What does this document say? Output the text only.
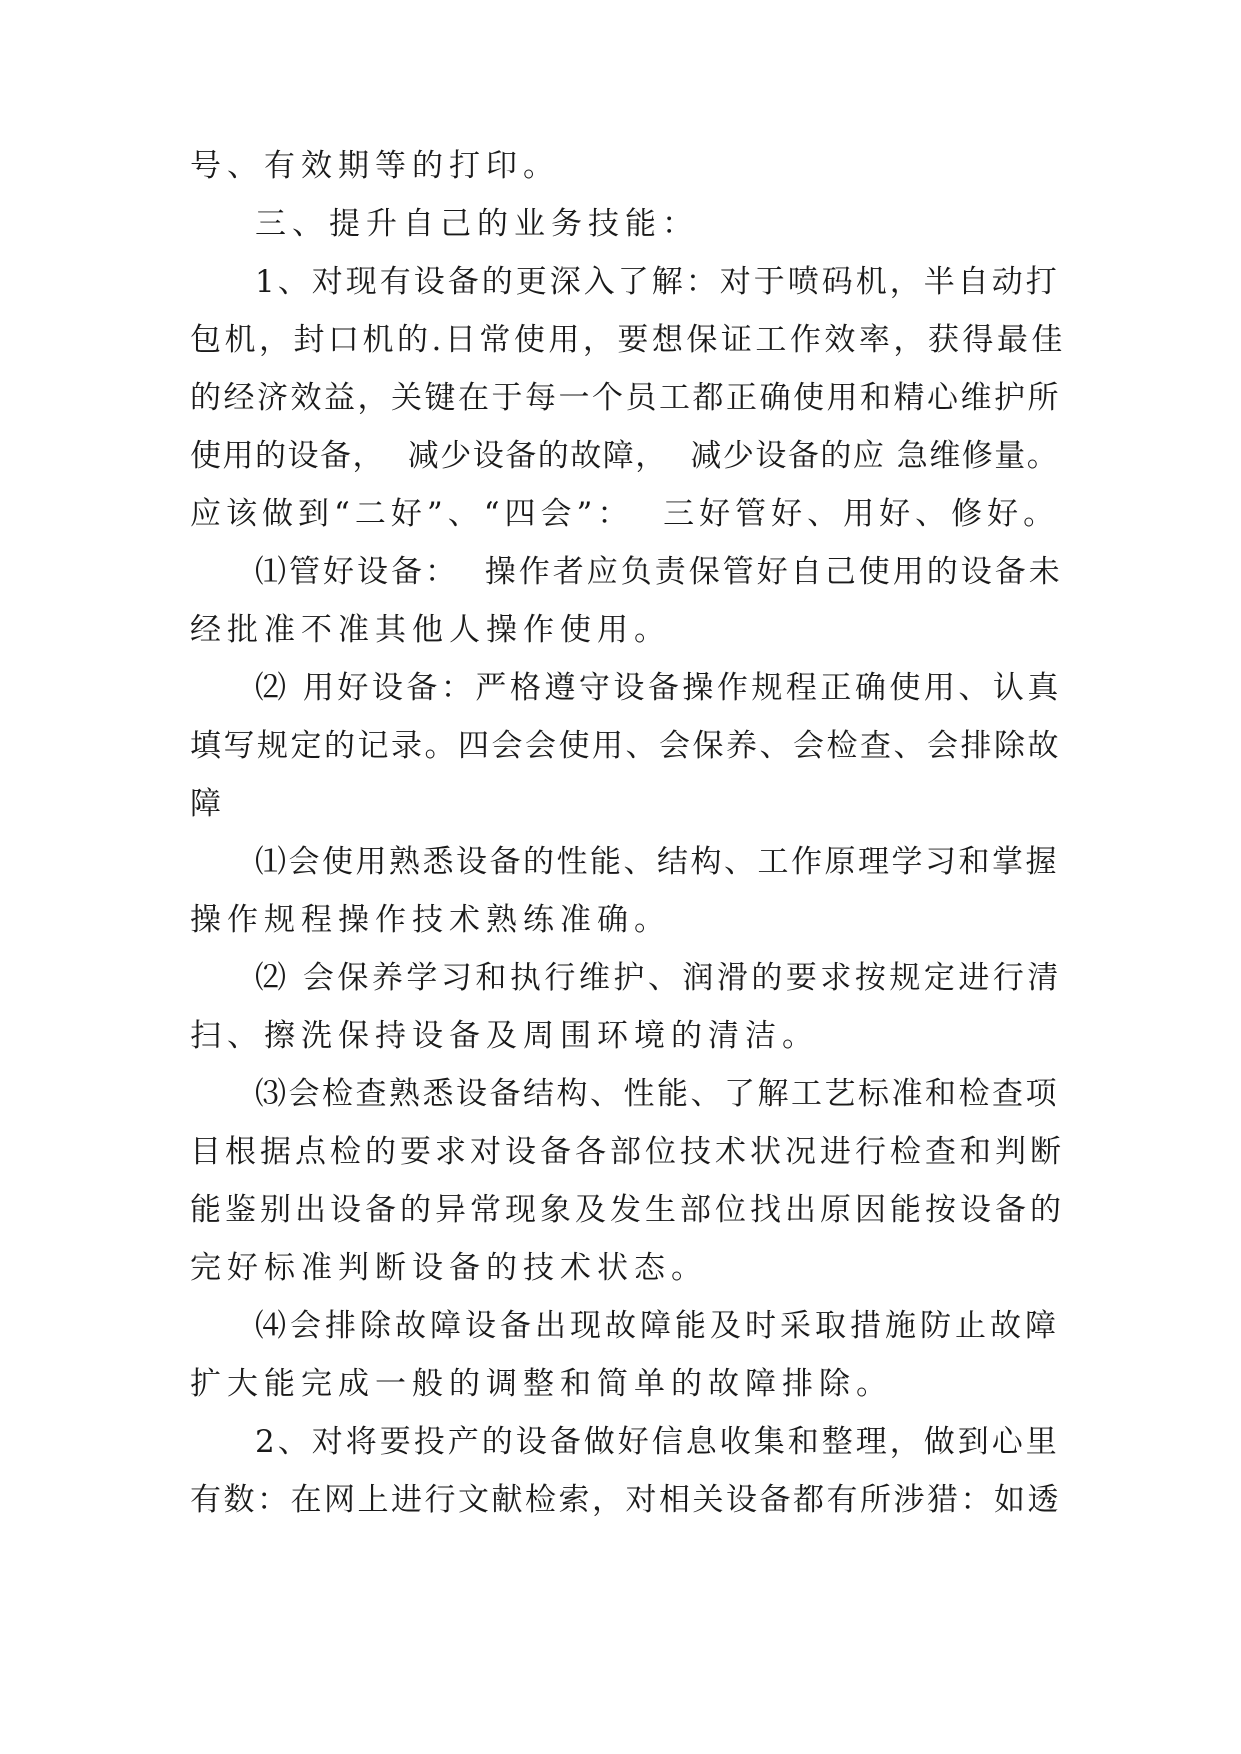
号、有效期等的打印。
三、提升自己的业务技能：
1、对现有设备的更深入了解：对于喷码机，半自动打
包机，封口机的.日常使用，要想保证工作效率，获得最佳
的经济效益，关键在于每一个员工都正确使用和精心维护所
使用的设备，  减少设备的故障，  减少设备的应 急维修量。
应该做到“二好”、“四会”：  三好管好、用好、修好。
⑴管好设备：  操作者应负责保管好自己使用的设备未
经批准不准其他人操作使用。
⑵ 用好设备：严格遵守设备操作规程正确使用、认真
填写规定的记录。四会会使用、会保养、会检查、会排除故
障
⑴会使用熟悉设备的性能、结构、工作原理学习和掌握
操作规程操作技术熟练准确。
⑵ 会保养学习和执行维护、润滑的要求按规定进行清
扫、擦洗保持设备及周围环境的清洁。
⑶会检查熟悉设备结构、性能、了解工艺标准和检查项
目根据点检的要求对设备各部位技术状况进行检查和判断
能鉴别出设备的异常现象及发生部位找出原因能按设备的
完好标准判断设备的技术状态。
⑷会排除故障设备出现故障能及时采取措施防止故障
扩大能完成一般的调整和简单的故障排除。
2、对将要投产的设备做好信息收集和整理，做到心里
有数：在网上进行文献检索，对相关设备都有所涉猎：如透
